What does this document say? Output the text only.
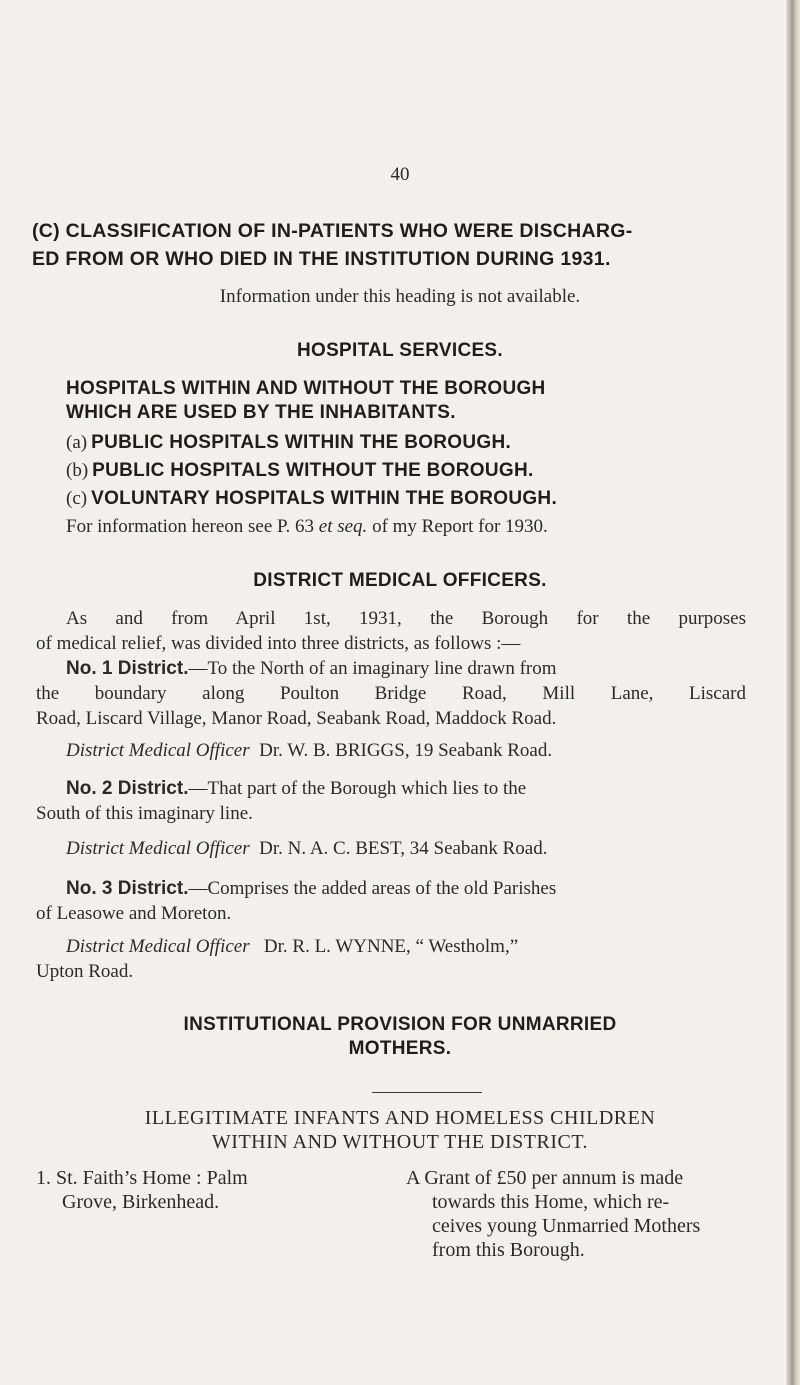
40
(C) CLASSIFICATION OF IN-PATIENTS WHO WERE DISCHARG-
ED FROM OR WHO DIED IN THE INSTITUTION DURING 1931.
Information under this heading is not available.
HOSPITAL SERVICES.
HOSPITALS WITHIN AND WITHOUT THE BOROUGH
WHICH ARE USED BY THE INHABITANTS.
(a) PUBLIC HOSPITALS WITHIN THE BOROUGH.
(b) PUBLIC HOSPITALS WITHOUT THE BOROUGH.
(c) VOLUNTARY HOSPITALS WITHIN THE BOROUGH.
For information hereon see P. 63 et seq. of my Report for 1930.
DISTRICT MEDICAL OFFICERS.
As and from April 1st, 1931, the Borough for the purposes
of medical relief, was divided into three districts, as follows :—
No. 1 District.—To the North of an imaginary line drawn from
the boundary along Poulton Bridge Road, Mill Lane, Liscard
Road, Liscard Village, Manor Road, Seabank Road, Maddock Road.
District Medical Officer Dr. W. B. BRIGGS, 19 Seabank Road.
No. 2 District.—That part of the Borough which lies to the
South of this imaginary line.
District Medical Officer Dr. N. A. C. BEST, 34 Seabank Road.
No. 3 District.—Comprises the added areas of the old Parishes
of Leasowe and Moreton.
District Medical Officer Dr. R. L. WYNNE, “ Westholm,”
Upton Road.
INSTITUTIONAL PROVISION FOR UNMARRIED
MOTHERS.
ILLEGITIMATE INFANTS AND HOMELESS CHILDREN
WITHIN AND WITHOUT THE DISTRICT.
1. St. Faith’s Home : Palm
Grove, Birkenhead.
A Grant of £50 per annum is made
towards this Home, which re-
ceives young Unmarried Mothers
from this Borough.
